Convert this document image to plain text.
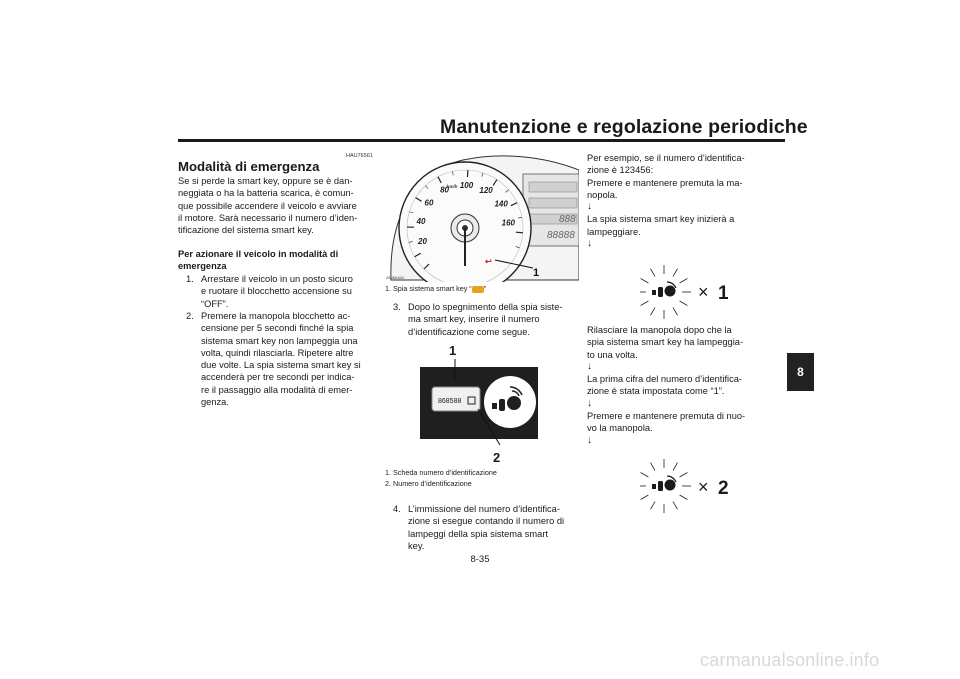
Manutenzione e regolazione periodiche
HAU76561
Modalità di emergenza
Se si perde la smart key, oppure se è dan-
neggiata o ha la batteria scarica, è comun-
que possibile accendere il veicolo e avviare
il motore. Sarà necessario il numero d’iden-
tificazione del sistema smart key.
Per azionare il veicolo in modalità di
emergenza
1. Arrestare il veicolo in un posto sicuro
e ruotare il blocchetto accensione su
“OFF”.
2. Premere la manopola blocchetto ac-
censione per 5 secondi finché la spia
sistema smart key non lampeggia una
volta, quindi rilasciarla. Ripetere altre
due volte. La spia sistema smart key si
accenderà per tre secondi per indica-
re il passaggio alla modalità di emer-
genza.
888
88888
20
40
60
80 100
120
140
160
km/h
↩
1
ZAUM1634
1. Spia sistema smart key “ ”
3. Dopo lo spegnimento della spia siste-
ma smart key, inserire il numero
d’identificazione come segue.
1
868588
2
1. Scheda numero d’identificazione
2. Numero d’identificazione
4. L’immissione del numero d’identifica-
zione si esegue contando il numero di
lampeggi della spia sistema smart
key.
Per esempio, se il numero d’identifica-
zione è 123456:
Premere e mantenere premuta la ma-
nopola.
↓
La spia sistema smart key inizierà a
lampeggiare.
↓
× 1
Rilasciare la manopola dopo che la
spia sistema smart key ha lampeggia-
to una volta.
↓
La prima cifra del numero d’identifica-
zione è stata impostata come “1”.
↓
Premere e mantenere premuta di nuo-
vo la manopola.
↓
× 2
8
8-35
carmanualsonline.info
